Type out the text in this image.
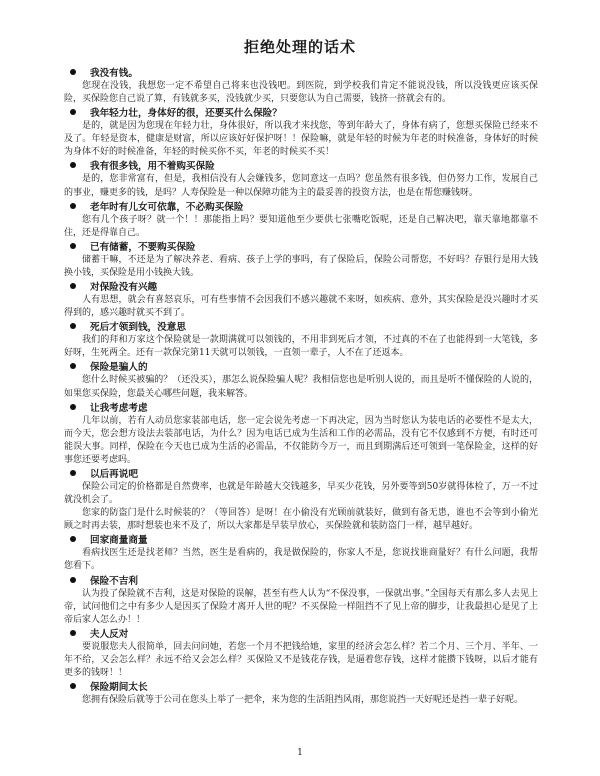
拒绝处理的话术
我没有钱。

您现在没钱，我想您一定不希望自己将来也没钱吧。到医院，到学校我们肯定不能说没钱，所以没钱更应该买保险，买保险您自己说了算，有钱就多买，没钱就少买，只要您认为自己需要，钱挤一挤就会有的。

我年轻力壮，身体好的很，还要买什么保险？

是的，就是因为您现在年轻力壮，身体很好，所以我才来找您，等到年龄大了，身体有病了，您想买保险已经来不及了。年轻是资本，健康是财富，所以应该好好保护呀！！保险嘛，就是年轻的时候为年老的时候准备，身体好的时候为身体不好的时候准备，年轻的时候买你不买，年老的时候买不买！

我有很多钱，用不着购买保险

是的，您非常富有，但是，我相信没有人会嫌钱多，您同意这一点吗？您虽然有很多钱，但仍努力工作，发展自己的事业，赚更多的钱，是吗？人寿保险是一种以保障功能为主的最妥善的投资方法，也是在帮您赚钱呀。

老年时有儿女可依靠，不必购买保险

您有几个孩子呀？就一个！！那能指上吗？要知道他至少要供七张嘴吃饭呢，还是自己解决吧，靠天靠地都靠不住，还是得靠自己。

已有储蓄，不要购买保险

储蓄干嘛，不还是为了解决养老、看病、孩子上学的事吗，有了保险后，保险公司帮您，不好吗？存银行是用大钱换小钱，买保险是用小钱换大钱。

对保险没有兴趣

人有思想，就会有喜怒哀乐，可有些事情不会因我们不感兴趣就不来呀，如疾病、意外，其实保险是没兴趣时才买得到的，感兴趣时就买不到了。

死后才领到钱，没意思

我们的拜和万家这个保险就是一款期满就可以领钱的，不用非到死后才领，不过真的不在了也能得到一大笔钱，多好呀，生死两全。还有一款保完第11天就可以领钱，一直领一辈子，人不在了还返本。

保险是骗人的

您什么时候买被骗的？（还没买），那怎么说保险骗人呢？我相信您也是听别人说的，而且是听不懂保险的人说的，如果您买保险，您最关心哪些问题，我来解答。

让我考虑考虑

几年以前，若有人动员您家装部电话，您一定会说先考虑一下再决定，因为当时您认为装电话的必要性不是太大，而今天，您会想方设法去装部电话，为什么？因为电话已成为生活和工作的必需品，没有它不仅感到不方便，有时还可能误大事。同样，保险在今天也已成为生活的必需品，不仅能防今万一，而且到期满后还可领到一笔保险金，这样的好事您还要考虑吗。

以后再说吧

保险公司定的价格都是自然费率，也就是年龄越大交钱越多，早买少花钱，另外要等到50岁就得体检了，万一不过就没机会了。

您家的防盗门是什么时候装的？（等回答）是呀！在小偷没有光顾前就装好，做到有备无患，谁也不会等到小偷光顾之时再去装，那时想装也来不及了，所以大家都是早装早放心，买保险就和装防盗门一样，越早越好。

回家商量商量

看病找医生还是找老师？当然，医生是看病的，我是做保险的，你家人不是，您说找谁商量好？有什么问题，我帮您看下。

保险不吉利

认为投了保险就不吉利，这是对保险的误解，甚至有些人认为“不保没事，一保就出事。”全国每天有那么多人去见上帝，试问他们之中有多少人是因买了保险才离开人世的呢？不买保险一样阻挡不了见上帝的脚步，让我最担心是见了上帝后家人怎么办！！

夫人反对

要说服您夫人很简单，回去问问她，若您一个月不把钱给她，家里的经济会怎么样？若二个月、三个月、半年、一年不给，又会怎么样？永远不给又会怎么样？买保险又不是钱花存钱，是逼着您存钱，这样才能攒下钱呀，以后才能有更多的钱呀！！

保险期间太长

您拥有保险后就等于公司在您头上举了一把伞，来为您的生活阻挡风雨，那您说挡一天好呢还是挡一辈子好呢。

1
